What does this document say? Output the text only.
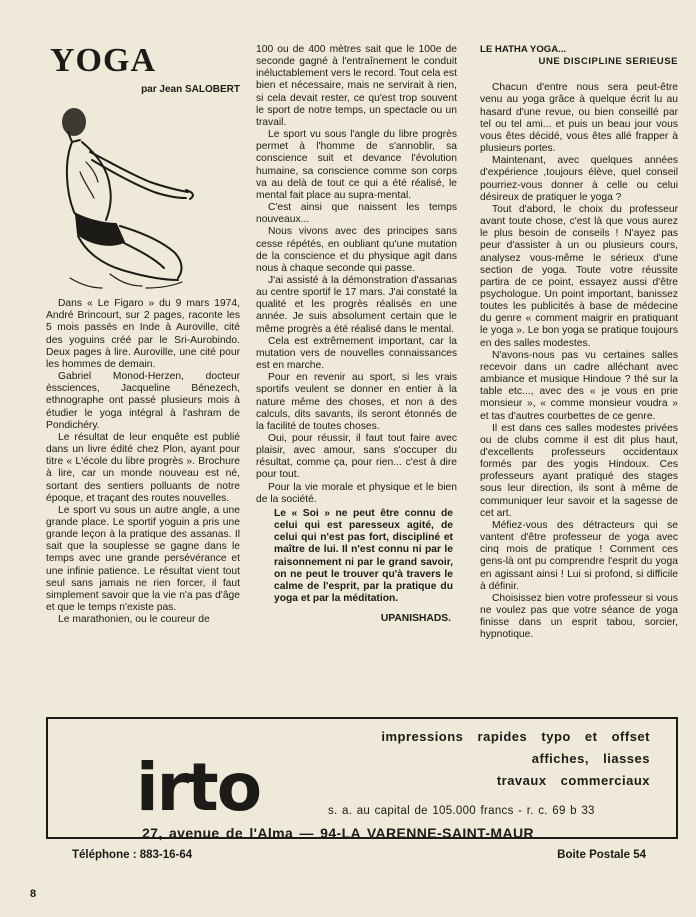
YOGA
par Jean SALOBERT

Dans « Le Figaro » du 9 mars 1974, André Brincourt, sur 2 pages, raconte les 5 mois passés en Inde à Auroville, cité des yoguins créé par le Sri-Aurobindo. Deux pages à lire. Auroville, une cité pour les hommes de demain.

Gabriel Monod-Herzen, docteur èssciences, Jacqueline Bénezech, ethnographe ont passé plusieurs mois à étudier le yoga intégral à l'ashram de Pondichéry.

Le résultat de leur enquête est publié dans un livre édité chez Plon, ayant pour titre « L'école du libre progrès ». Brochure à lire, car un monde nouveau est né, sortant des sentiers polluants de notre époque, et traçant des routes nouvelles.

Le sport vu sous un autre angle, a une grande place. Le sportif yoguin a pris une grande leçon à la pratique des assanas. Il sait que la souplesse se gagne dans le temps avec une grande persévérance et une infinie patience. Le résultat vient tout seul sans jamais ne rien forcer, il faut simplement savoir que la vie n'a pas d'âge et que le temps n'existe pas.

Le marathonien, ou le coureur de

100 ou de 400 mètres sait que le 100e de seconde gagné à l'entraînement le conduit inéluctablement vers le record. Tout cela est bien et nécessaire, mais ne servirait à rien, si cela devait rester, ce qu'est trop souvent le sport de notre temps, un spectacle ou un travail.

Le sport vu sous l'angle du libre progrès permet à l'homme de s'annoblir, sa conscience suit et devance l'évolution humaine, sa conscience comme son corps va au delà de tout ce qui a été réalisé, le mental fait place au supra-mental.

C'est ainsi que naissent les temps nouveaux...

Nous vivons avec des principes sans cesse répétés, en oubliant qu'une mutation de la conscience et du physique agit dans nous à chaque seconde qui passe.

J'ai assisté à la démonstration d'assanas au centre sportif le 17 mars. J'ai constaté la qualité et les progrès réalisés en une année. Je suis absolument certain que le même progrès a été réalisé dans le mental.

Cela est extrêmement important, car la mutation vers de nouvelles connaissances est en marche.

Pour en revenir au sport, si les vrais sportifs veulent se donner en entier à la nature même des choses, et non a des calculs, dits savants, ils seront étonnés de la facilité de toutes choses.

Oui, pour réussir, il faut tout faire avec plaisir, avec amour, sans s'occuper du résultat, comme ça, pour rien... c'est à dire pour tout.

Pour la vie morale et physique et le bien de la société.

Le « Soi » ne peut être connu de celui qui est paresseux agité, de celui qui n'est pas fort, discipliné et maître de lui. Il n'est connu ni par le raisonnement ni par le grand savoir, on ne peut le trouver qu'à travers le calme de l'esprit, par la pratique du yoga et par la méditation.
UPANISHADS.
LE HATHA YOGA...
UNE DISCIPLINE SERIEUSE

Chacun d'entre nous sera peut-être venu au yoga grâce à quelque écrit lu au hasard d'une revue, ou bien conseillé par tel ou tel ami... et puis un beau jour vous vous êtes décidé, vous êtes allé frapper à plusieurs portes.

Maintenant, avec quelques années d'expérience ,toujours élève, quel conseil pourriez-vous donner à celle ou celui désireux de pratiquer le yoga ?

Tout d'abord, le choix du professeur avant toute chose, c'est là que vous aurez le plus besoin de conseils ! N'ayez pas peur d'assister à un ou plusieurs cours, analysez vous-même le sérieux d'une section de yoga. Toute votre réussite partira de ce point, essayez aussi d'être psychologue. Un point important, banissez toutes les publicités à base de médecine du genre « comment maigrir en pratiquant le yoga ». Le bon yoga se pratique toujours en des salles modestes.

N'avons-nous pas vu certaines salles recevoir dans un cadre alléchant avec ambiance et musique Hindoue ? thé sur la table etc..., avec des « je vous en prie monsieur », « comme monsieur voudra » et tas d'autres courbettes de ce genre.

Il est dans ces salles modestes privées ou de clubs comme il est dit plus haut, d'excellents professeurs occidentaux formés par des yogis Hindoux. Ces professeurs ayant pratiqué des stages sous leur direction, ils sont à même de communiquer leur savoir et la sagesse de cet art.

Méfiez-vous des détracteurs qui se vantent d'être professeur de yoga avec cinq mois de pratique ! Comment ces gens-là ont pu comprendre l'esprit du yoga en agissant ainsi ! Lui si profond, si difficile à définir.

Choisissez bien votre professeur si vous ne voulez pas que votre séance de yoga finisse dans un esprit tabou, sorcier, hypnotique.

impressions rapides typo et offset
affiches, liasses
travaux commerciaux
irto	s. a. au capital de 105.000 francs - r. c. 69 b 33
27, avenue de l'Alma — 94-LA VARENNE-SAINT-MAUR
Téléphone : 883-16-64	Boite Postale 54
8
